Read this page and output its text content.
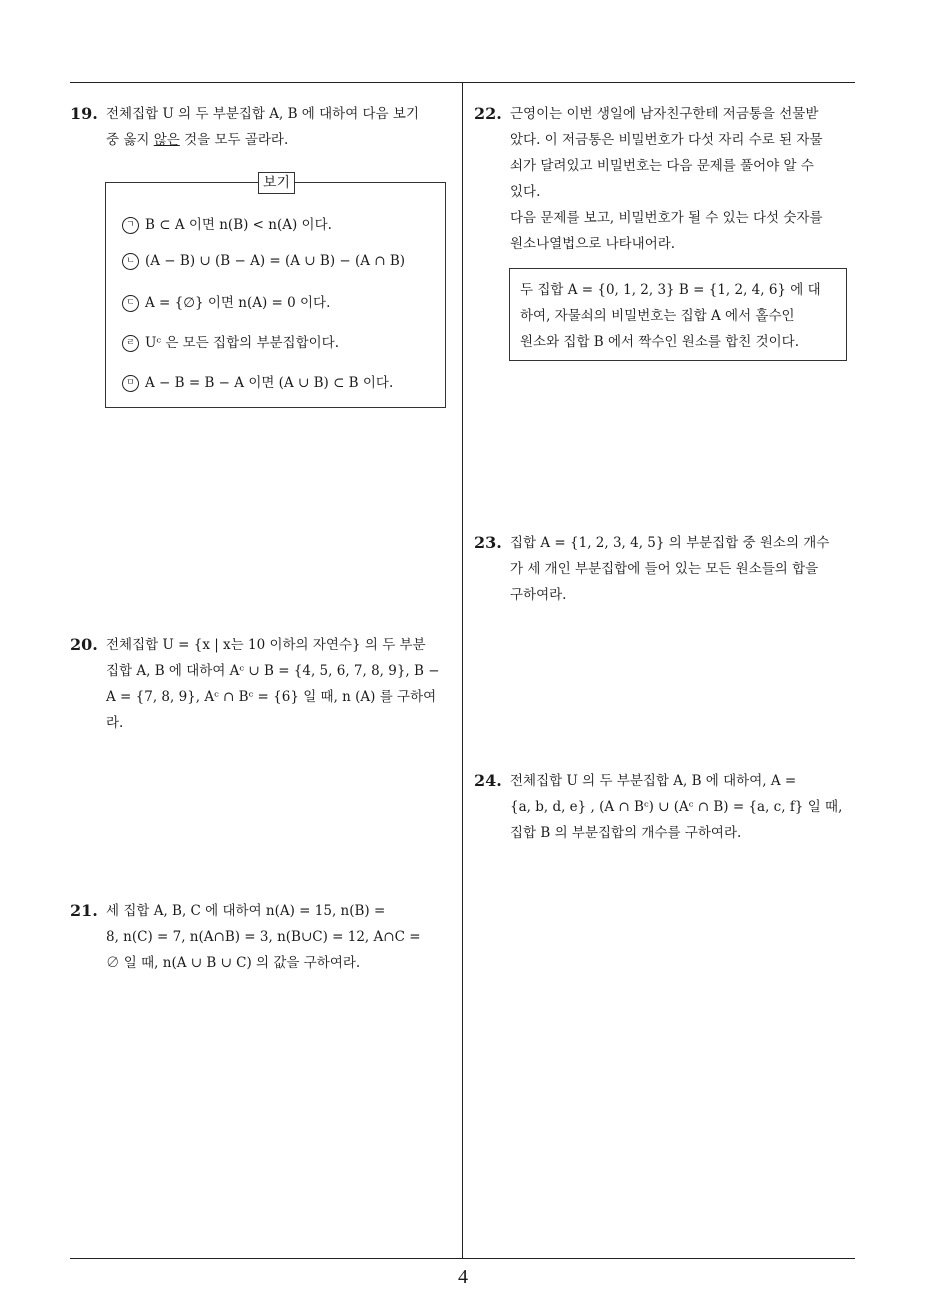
19. 전체집합 U 의 두 부분집합 A, B 에 대하여 다음 보기
중 옳지 않은 것을 모두 골라라.
보기
ㄱ B ⊂ A 이면 n(B) < n(A) 이다.
ㄴ (A − B) ∪ (B − A) = (A ∪ B) − (A ∩ B)
ㄷ A = {∅} 이면 n(A) = 0 이다.
ㄹ Uᶜ 은 모든 집합의 부분집합이다.
ㅁ A − B = B − A 이면 (A ∪ B) ⊂ B 이다.
20. 전체집합 U = {x | x는 10 이하의 자연수} 의 두 부분
집합 A, B 에 대하여 Aᶜ ∪ B = {4, 5, 6, 7, 8, 9}, B −
A = {7, 8, 9}, Aᶜ ∩ Bᶜ = {6} 일 때, n (A) 를 구하여
라.
21. 세 집합 A, B, C 에 대하여 n(A) = 15, n(B) =
8, n(C) = 7, n(A∩B) = 3, n(B∪C) = 12, A∩C =
∅ 일 때, n(A ∪ B ∪ C) 의 값을 구하여라.
22. 근영이는 이번 생일에 남자친구한테 저금통을 선물받
았다. 이 저금통은 비밀번호가 다섯 자리 수로 된 자물
쇠가 달려있고 비밀번호는 다음 문제를 풀어야 알 수
있다.
다음 문제를 보고, 비밀번호가 될 수 있는 다섯 숫자를
원소나열법으로 나타내어라.
두 집합 A = {0, 1, 2, 3} B = {1, 2, 4, 6} 에 대
하여, 자물쇠의 비밀번호는 집합 A 에서 홀수인
원소와 집합 B 에서 짝수인 원소를 합친 것이다.
23. 집합 A = {1, 2, 3, 4, 5} 의 부분집합 중 원소의 개수
가 세 개인 부분집합에 들어 있는 모든 원소들의 합을
구하여라.
24. 전체집합 U 의 두 부분집합 A, B 에 대하여, A =
{a, b, d, e} , (A ∩ Bᶜ) ∪ (Aᶜ ∩ B) = {a, c, f} 일 때,
집합 B 의 부분집합의 개수를 구하여라.
4
